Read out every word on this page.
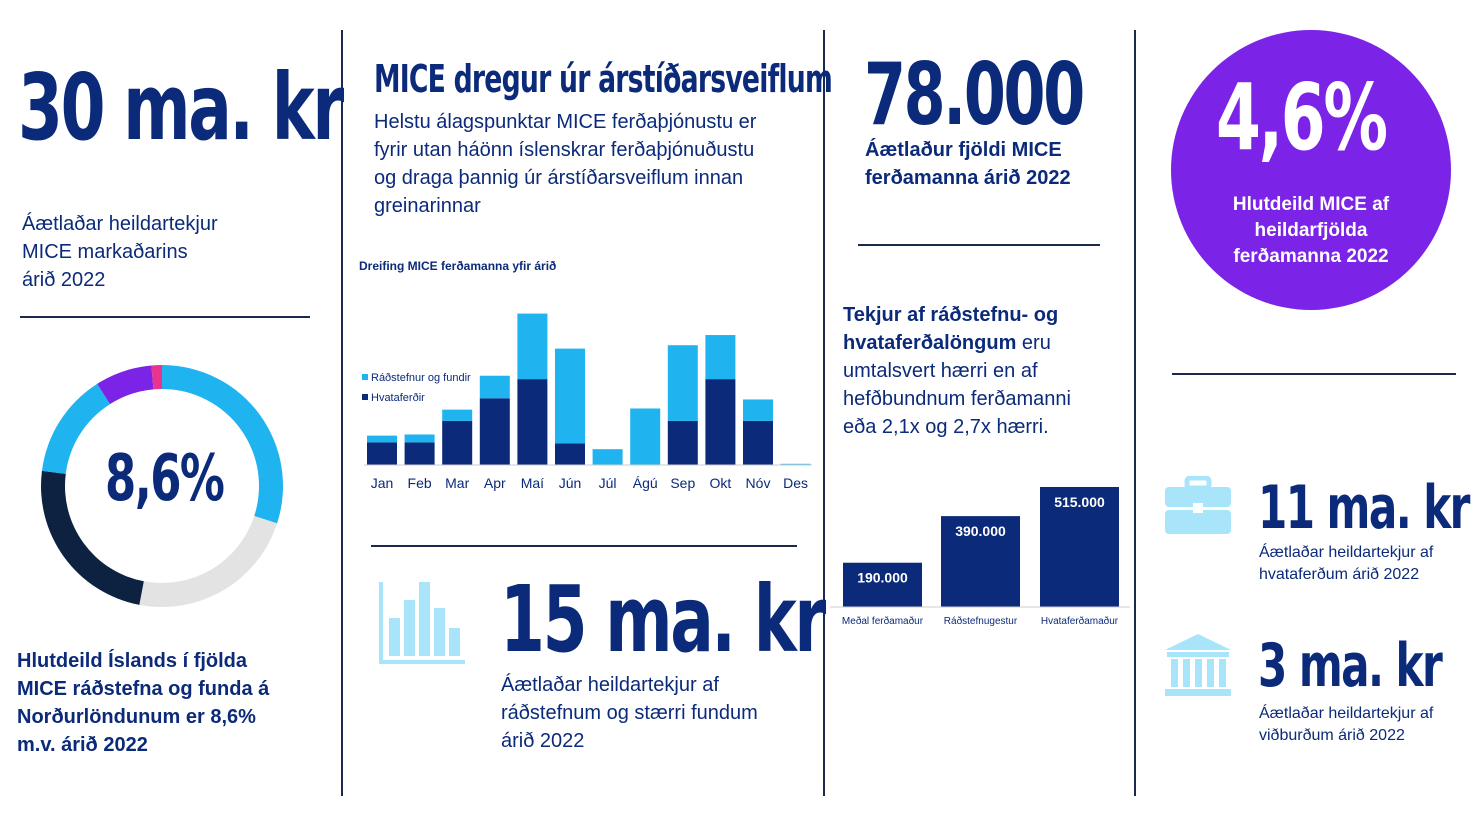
30 ma. kr
Áætlaðar heildartekjur
MICE markaðarins
árið 2022
8,6%
Hlutdeild Íslands í fjölda
MICE ráðstefna og funda á
Norðurlöndunum er 8,6%
m.v. árið 2022
MICE dregur úr árstíðarsveiflum
Helstu álagspunktar MICE ferðaþjónustu er
fyrir utan háönn íslenskrar ferðaþjónuðustu
og draga þannig úr árstíðarsveiflum innan
greinarinnar
Dreifing MICE ferðamanna yfir árið
Ráðstefnur og fundir
Hvataferðir
Jan Feb Mar Apr Maí Jún Júl Ágú Sep Okt Nóv Des
15 ma. kr
Áætlaðar heildartekjur af
ráðstefnum og stærri fundum
árið 2022
78.000
Áætlaður fjöldi MICE
ferðamanna árið 2022
Tekjur af ráðstefnu- og
hvataferðalöngum eru
umtalsvert hærri en af
hefðbundnum ferðamanni
eða 2,1x og 2,7x hærri.
190.000
390.000
515.000
Meðal ferðamaður Ráðstefnugestur Hvataferðamaður
4,6%
Hlutdeild MICE af
heildarfjölda
ferðamanna 2022
11 ma. kr
Áætlaðar heildartekjur af
hvataferðum árið 2022
3 ma. kr
Áætlaðar heildartekjur af
viðburðum árið 2022
